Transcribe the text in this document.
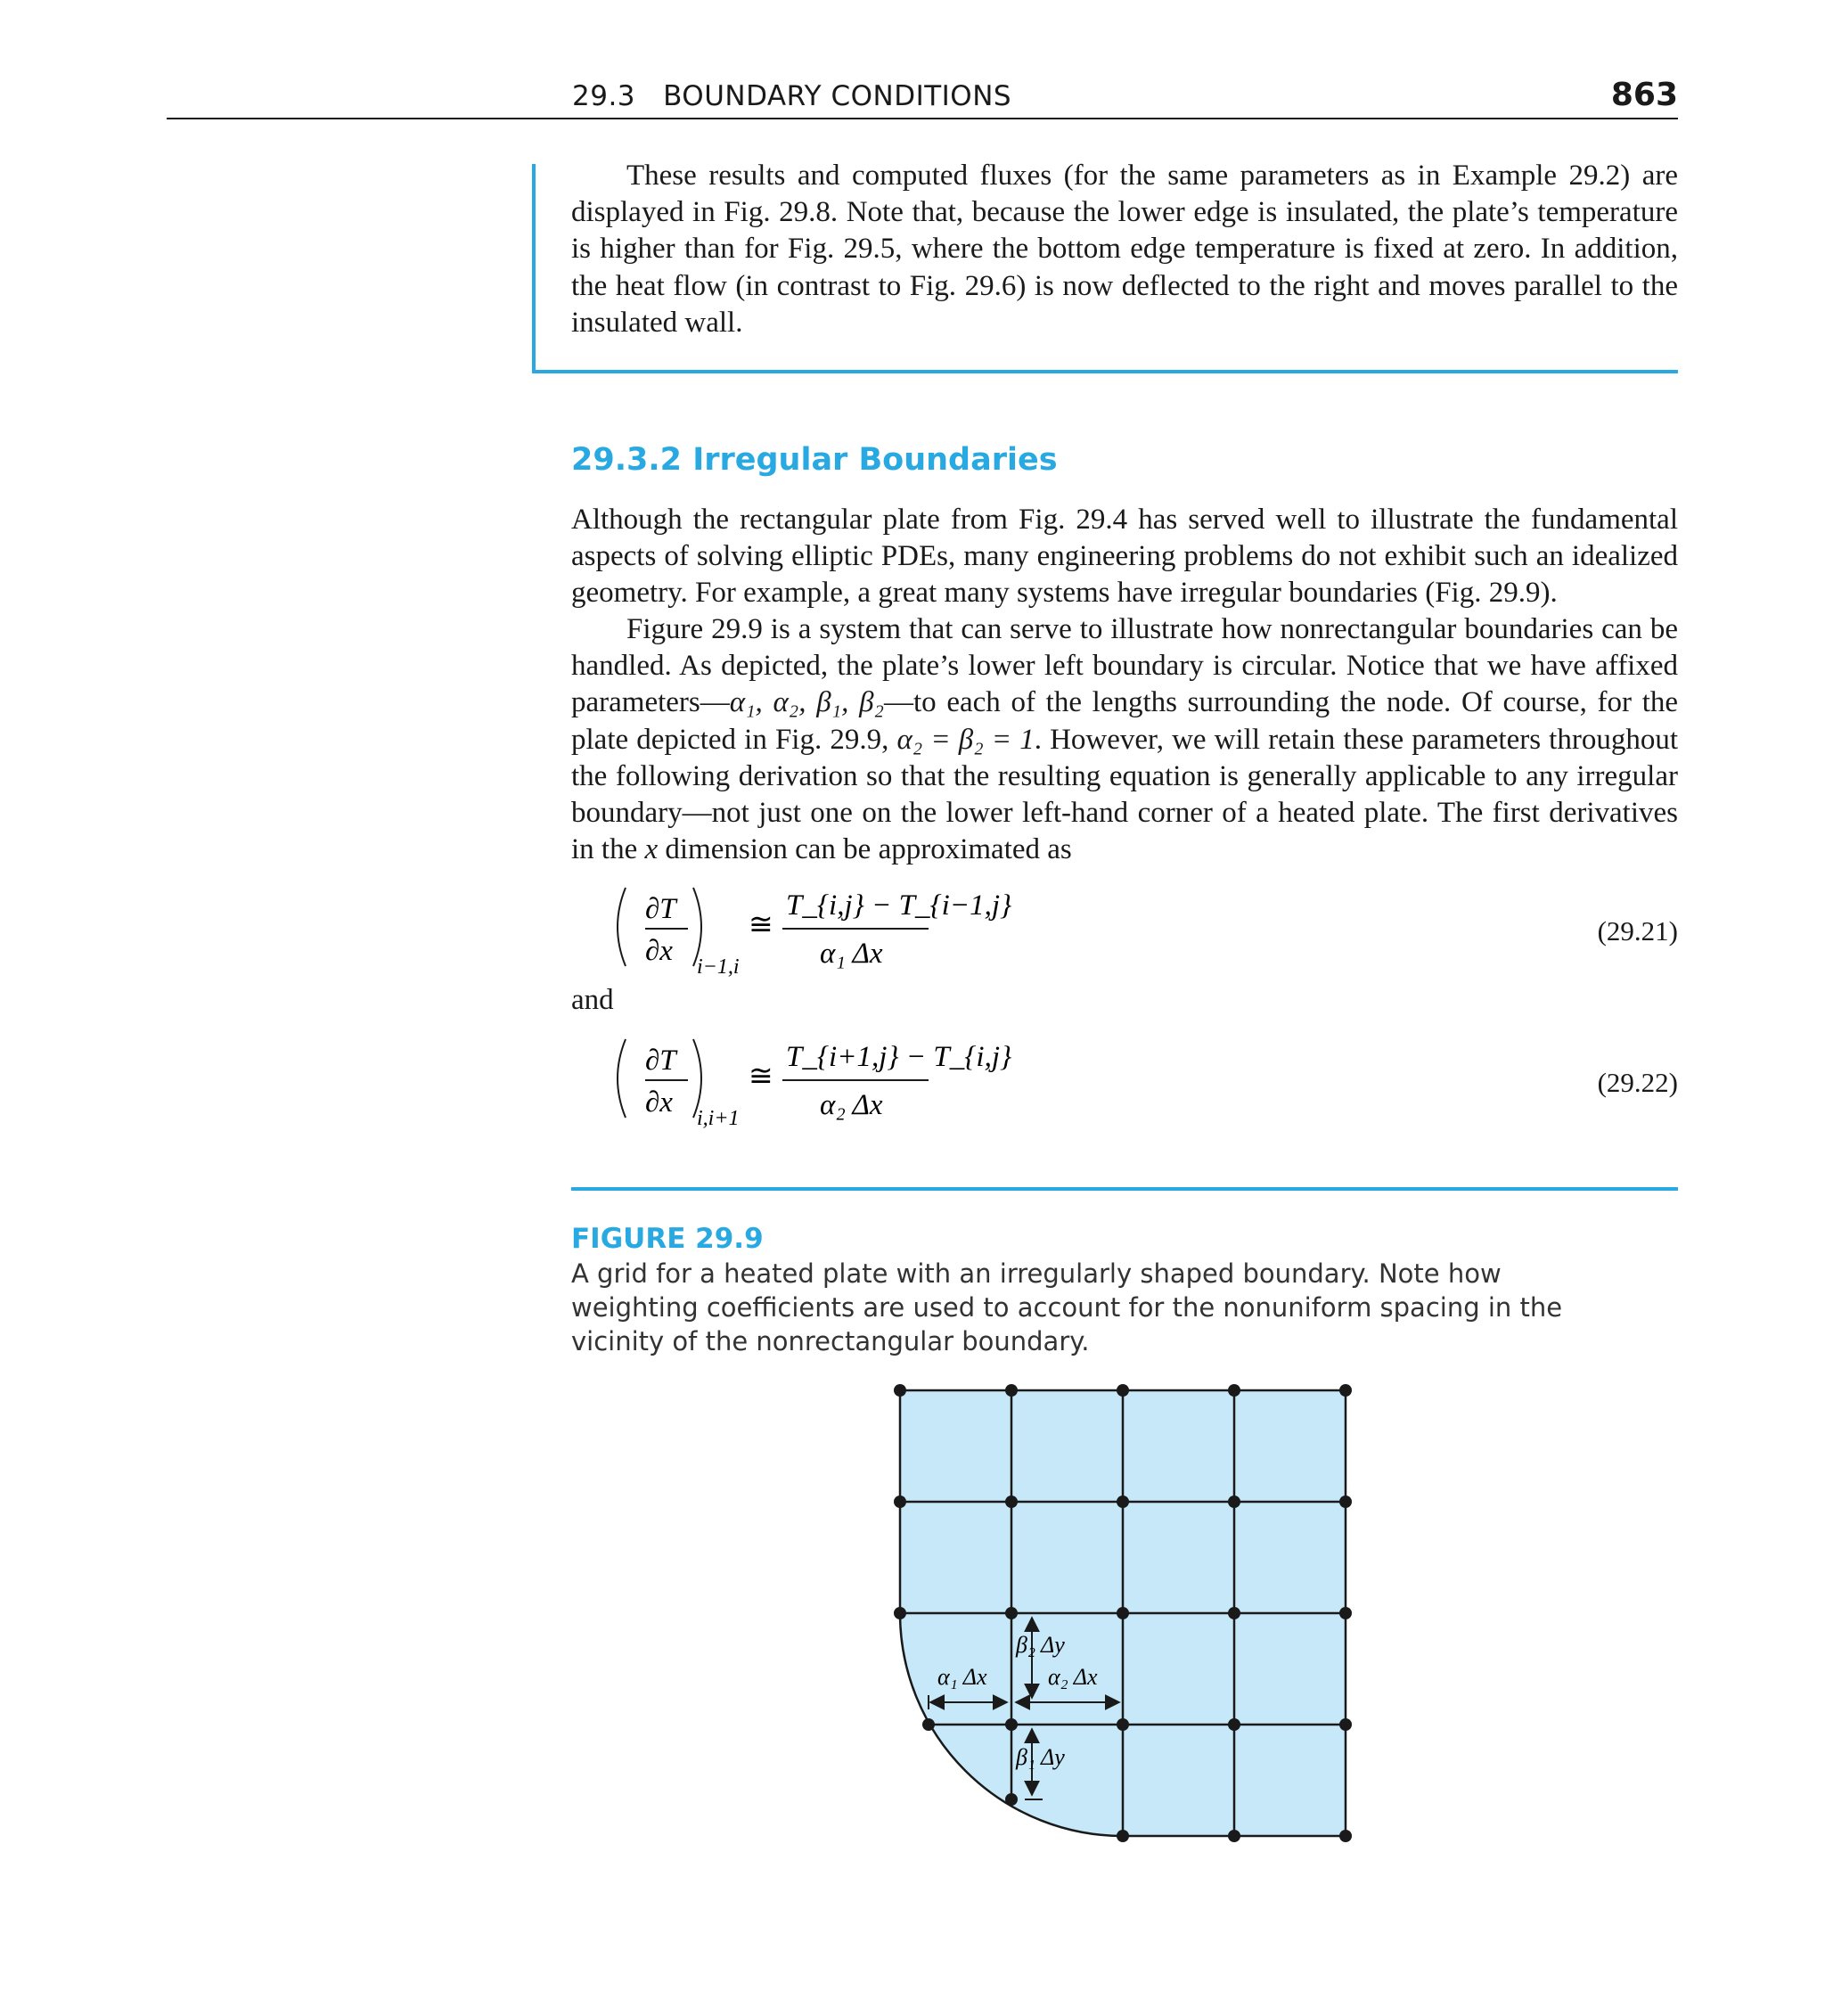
29.3   BOUNDARY CONDITIONS	863
These results and computed fluxes (for the same parameters as in Example 29.2) are displayed in Fig. 29.8. Note that, because the lower edge is insulated, the plate’s temperature is higher than for Fig. 29.5, where the bottom edge temperature is fixed at zero. In addition, the heat flow (in contrast to Fig. 29.6) is now deflected to the right and moves parallel to the insulated wall.
29.3.2 Irregular Boundaries
Although the rectangular plate from Fig. 29.4 has served well to illustrate the fundamental aspects of solving elliptic PDEs, many engineering problems do not exhibit such an idealized geometry. For example, a great many systems have irregular boundaries (Fig. 29.9).
Figure 29.9 is a system that can serve to illustrate how nonrectangular boundaries can be handled. As depicted, the plate’s lower left boundary is circular. Notice that we have affixed parameters—α₁, α₂, β₁, β₂—to each of the lengths surrounding the node. Of course, for the plate depicted in Fig. 29.9, α₂ = β₂ = 1. However, we will retain these parameters throughout the following derivation so that the resulting equation is generally applicable to any irregular boundary—not just one on the lower left-hand corner of a heated plate. The first derivatives in the x dimension can be approximated as
∂T
∂x i−1,i
≅
T_{i,j} − T_{i−1,j}
α₁ Δx
(29.21)
and
∂T
∂x i,i+1
≅
T_{i+1,j} − T_{i,j}
α₂ Δx
(29.22)
FIGURE 29.9
A grid for a heated plate with an irregularly shaped boundary. Note how weighting coefficients are used to account for the nonuniform spacing in the vicinity of the nonrectangular boundary.
β₂ Δy
α₁ Δx	α₂ Δx
β₁ Δy
